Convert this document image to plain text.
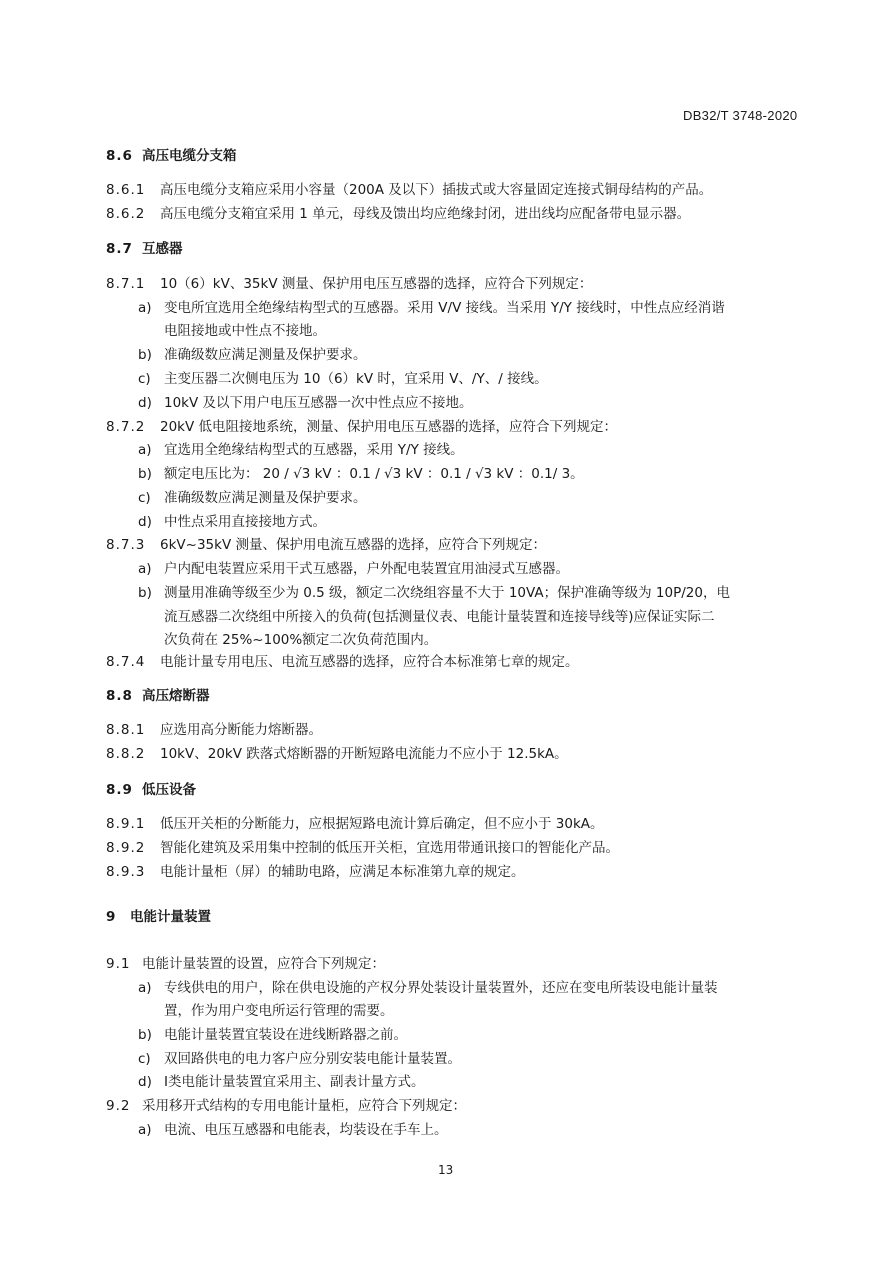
DB32/T 3748-2020
8.6 高压电缆分支箱
8.6.1 高压电缆分支箱应采用小容量（200A 及以下）插拔式或大容量固定连接式铜母结构的产品。
8.6.2 高压电缆分支箱宜采用 1 单元，母线及馈出均应绝缘封闭，进出线均应配备带电显示器。
8.7 互感器
8.7.1 10（6）kV、35kV 测量、保护用电压互感器的选择，应符合下列规定：
a) 变电所宜选用全绝缘结构型式的互感器。采用 V/V 接线。当采用 Y/Y 接线时，中性点应经消谐
电阻接地或中性点不接地。
b) 准确级数应满足测量及保护要求。
c) 主变压器二次侧电压为 10（6）kV 时，宜采用 V、/Y、/ 接线。
d) 10kV 及以下用户电压互感器一次中性点应不接地。
8.7.2 20kV 低电阻接地系统，测量、保护用电压互感器的选择，应符合下列规定：
a) 宜选用全绝缘结构型式的互感器，采用 Y/Y 接线。
b) 额定电压比为： 20 / √3 kV ：0.1 / √3 kV ：0.1 / √3 kV ：0.1/ 3。
c) 准确级数应满足测量及保护要求。
d) 中性点采用直接接地方式。
8.7.3 6kV~35kV 测量、保护用电流互感器的选择，应符合下列规定：
a) 户内配电装置应采用干式互感器，户外配电装置宜用油浸式互感器。
b) 测量用准确等级至少为 0.5 级，额定二次绕组容量不大于 10VA；保护准确等级为 10P/20，电
流互感器二次绕组中所接入的负荷(包括测量仪表、电能计量装置和连接导线等)应保证实际二
次负荷在 25%~100%额定二次负荷范围内。
8.7.4 电能计量专用电压、电流互感器的选择，应符合本标准第七章的规定。
8.8 高压熔断器
8.8.1 应选用高分断能力熔断器。
8.8.2 10kV、20kV 跌落式熔断器的开断短路电流能力不应小于 12.5kA。
8.9 低压设备
8.9.1 低压开关柜的分断能力，应根据短路电流计算后确定，但不应小于 30kA。
8.9.2 智能化建筑及采用集中控制的低压开关柜，宜选用带通讯接口的智能化产品。
8.9.3 电能计量柜（屏）的辅助电路，应满足本标准第九章的规定。
9 电能计量装置
9.1 电能计量装置的设置，应符合下列规定：
a) 专线供电的用户，除在供电设施的产权分界处装设计量装置外，还应在变电所装设电能计量装
置，作为用户变电所运行管理的需要。
b) 电能计量装置宜装设在进线断路器之前。
c) 双回路供电的电力客户应分别安装电能计量装置。
d) Ⅰ类电能计量装置宜采用主、副表计量方式。
9.2 采用移开式结构的专用电能计量柜，应符合下列规定：
a) 电流、电压互感器和电能表，均装设在手车上。
13
